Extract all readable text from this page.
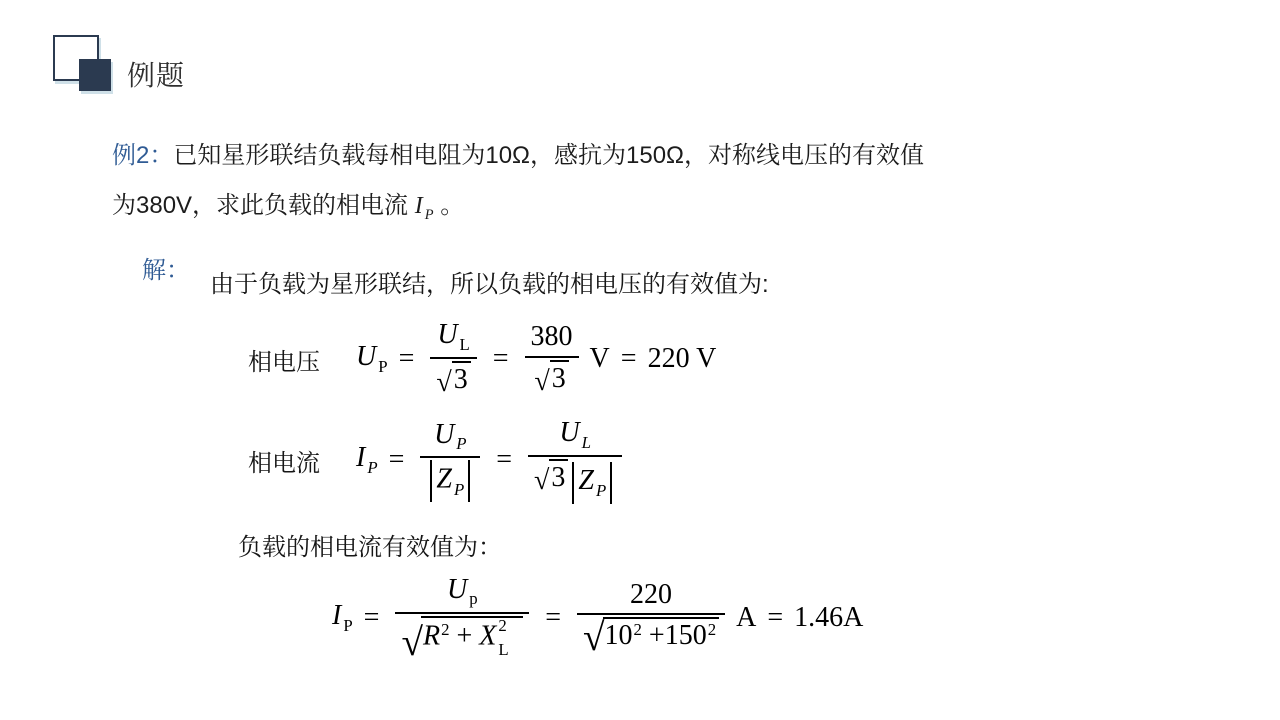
例题
例2：已知星形联结负载每相电阻为10Ω，感抗为150Ω，对称线电压的有效值
为380V，求此负载的相电流 I $_P$ 。
解：
由于负载为星形联结，所以负载的相电压的有效值为:
相电压 U $_P = \frac{U _L}{√ 3} = \frac{380}{√ 3}$ V = 220 V
相电流 I $_P = \frac{U _P}{Z _P} = \frac{U _L}{√ 3 Z _P}$
负载的相电流有效值为：
I $_P$ = U $_p$
√ $R^2 + X$ 2
$L = \frac{220}{√ 10^2 +150^2}$ A = 1.46A
